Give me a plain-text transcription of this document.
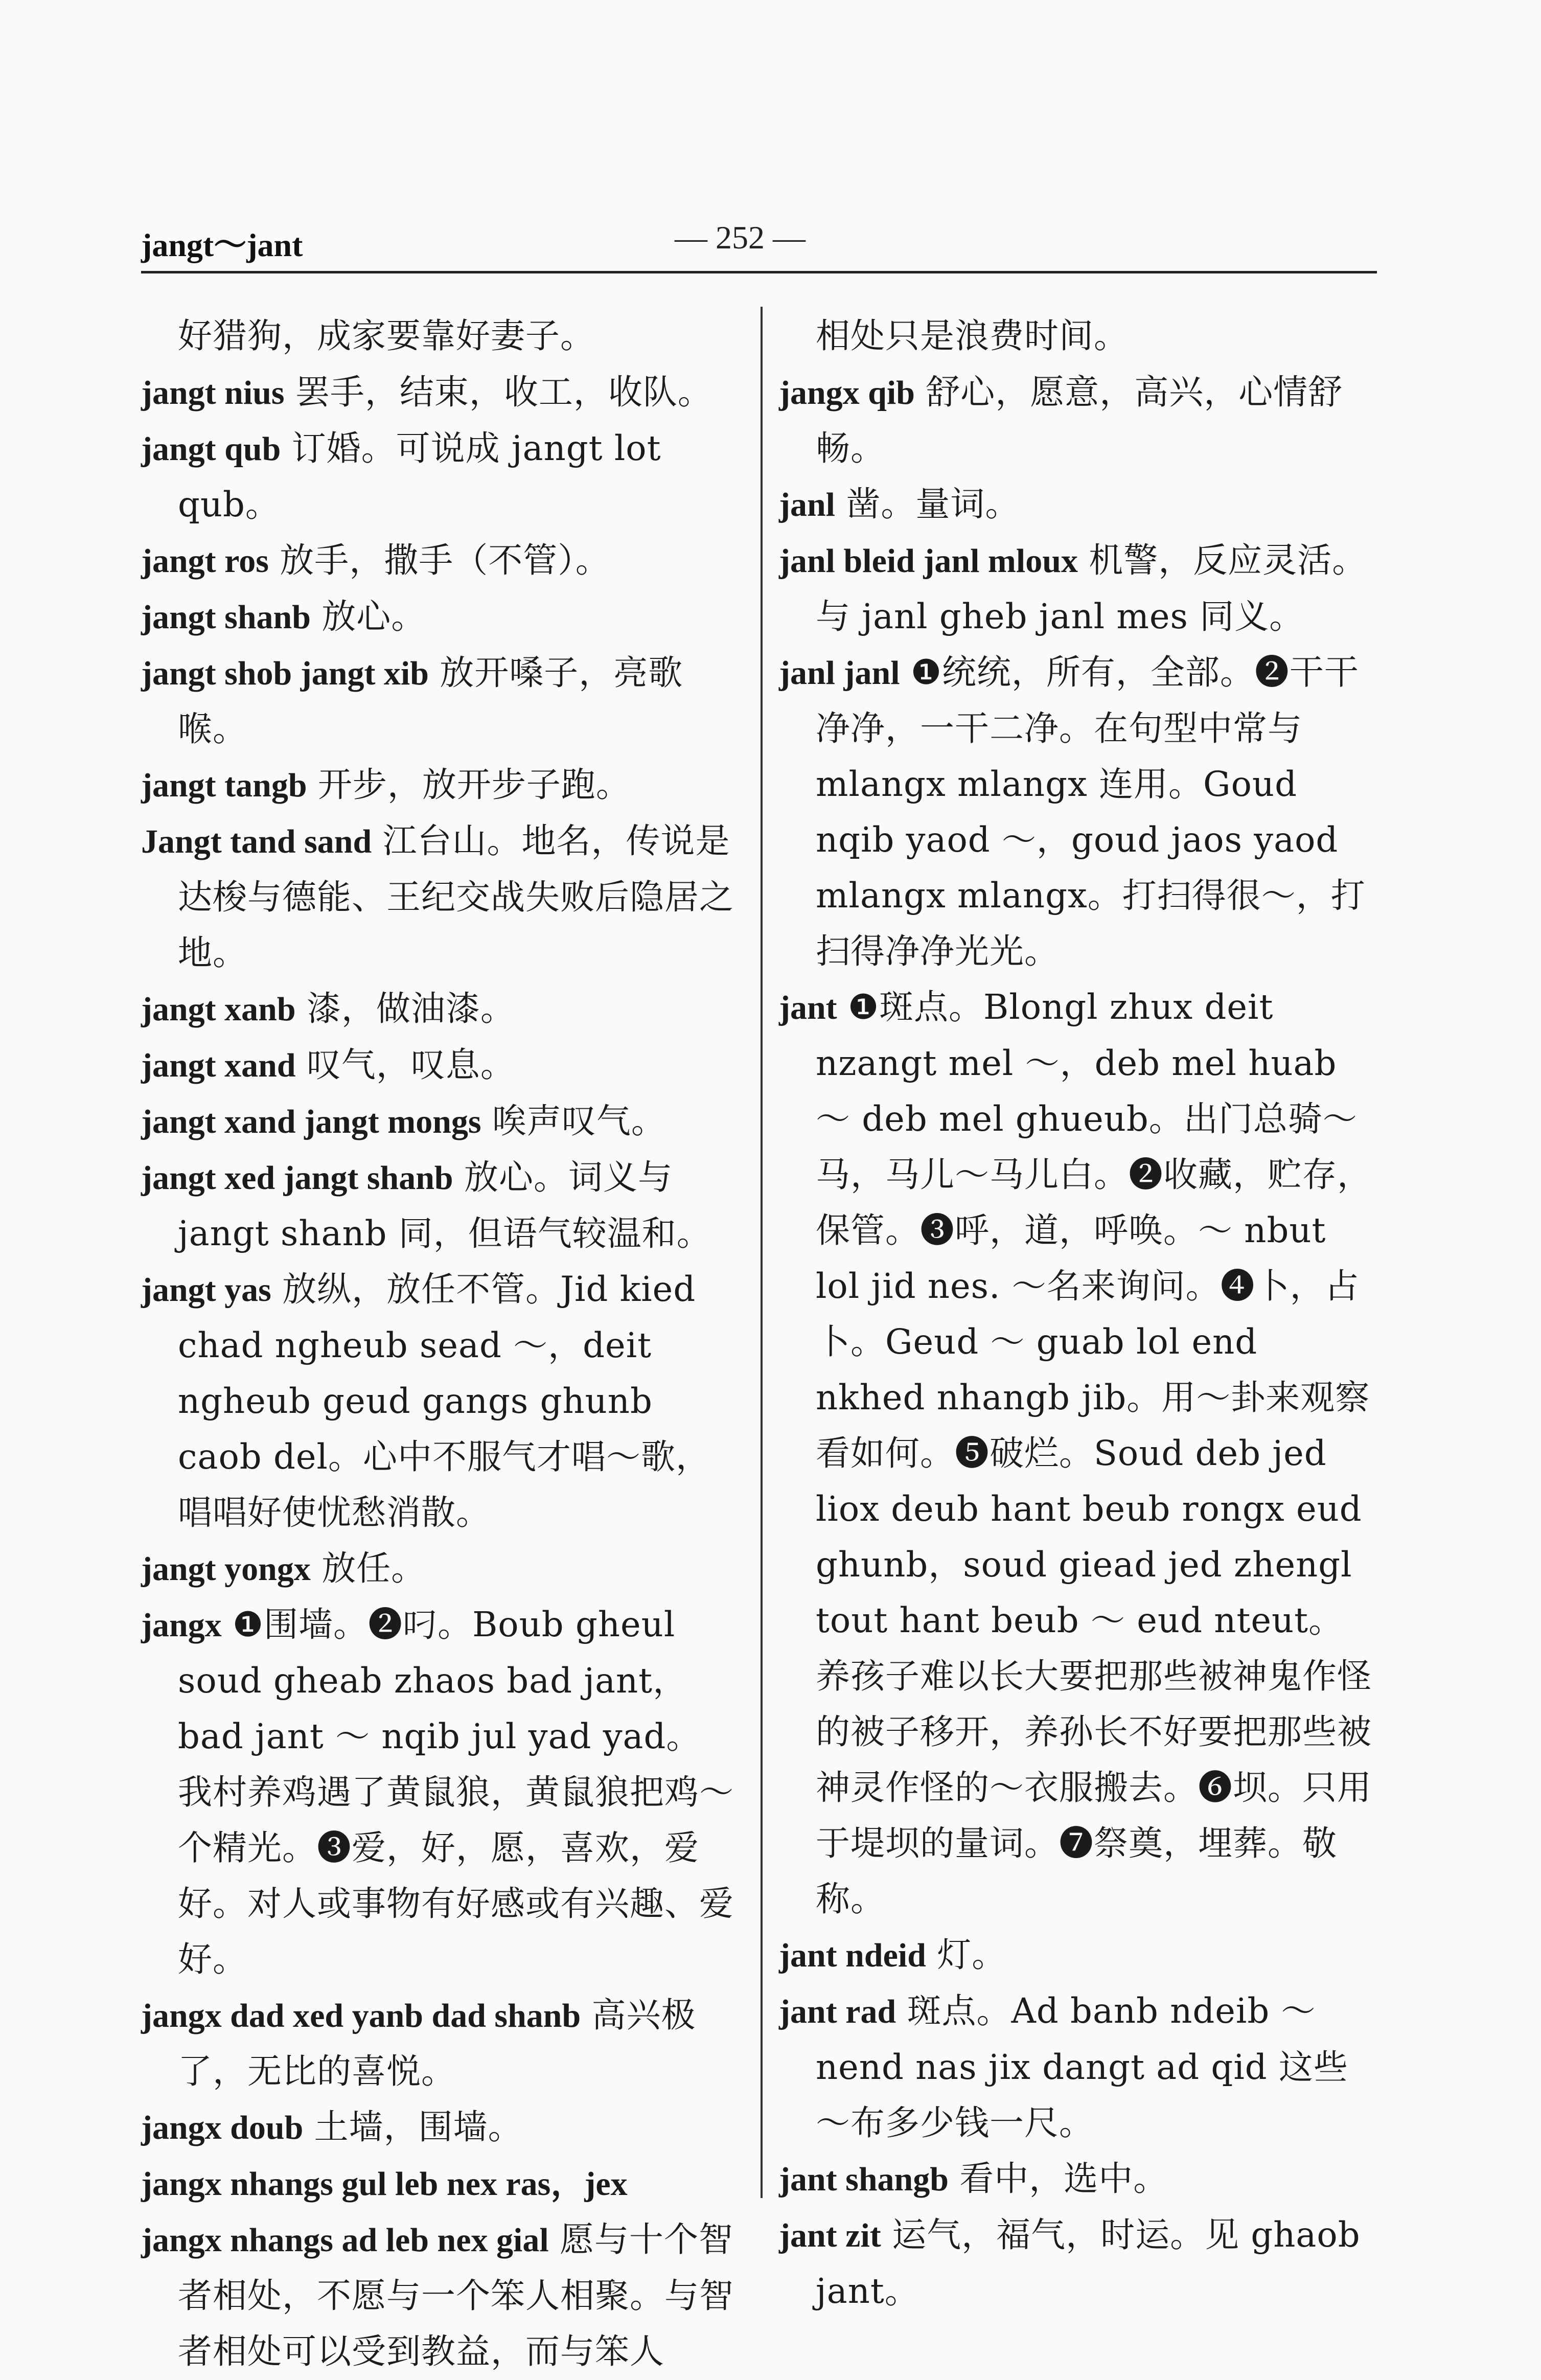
jangt～jant	— 252 —

好猎狗，成家要靠好妻子。

jangt nius 罢手，结束，收工，收队。

jangt qub 订婚。可说成 jangt lot qub。

jangt ros 放手，撒手（不管）。

jangt shanb 放心。

jangt shob jangt xib 放开嗓子，亮歌喉。

jangt tangb 开步，放开步子跑。

Jangt tand sand 江台山。地名，传说是达梭与德能、王纪交战失败后隐居之地。

jangt xanb 漆，做油漆。

jangt xand 叹气，叹息。

jangt xand jangt mongs 唉声叹气。

jangt xed jangt shanb 放心。词义与 jangt shanb 同，但语气较温和。

jangt yas 放纵，放任不管。Jid kied chad ngheub sead ～，deit ngheub geud gangs ghunb caob del。心中不服气才唱～歌，唱唱好使忧愁消散。

jangt yongx 放任。

jangx ❶围墙。❷叼。Boub gheul soud gheab zhaos bad jant，bad jant ～ nqib jul yad yad。我村养鸡遇了黄鼠狼，黄鼠狼把鸡～个精光。❸爱，好，愿，喜欢，爱好。对人或事物有好感或有兴趣、爱好。

jangx dad xed yanb dad shanb 高兴极了，无比的喜悦。

jangx doub 土墙，围墙。

jangx nhangs gul leb nex ras，jex

jangx nhangs ad leb nex gial 愿与十个智者相处，不愿与一个笨人相聚。与智者相处可以受到教益，而与笨人

相处只是浪费时间。

jangx qib 舒心，愿意，高兴，心情舒畅。

janl 凿。量词。

janl bleid janl mloux 机警，反应灵活。与 janl gheb janl mes 同义。

janl janl ❶统统，所有，全部。❷干干净净，一干二净。在句型中常与 mlangx mlangx 连用。Goud nqib yaod ～，goud jaos yaod mlangx mlangx。打扫得很～，打扫得净净光光。

jant ❶斑点。Blongl zhux deit nzangt mel ～，deb mel huab ～ deb mel ghueub。出门总骑～马，马儿～马儿白。❷收藏，贮存，保管。❸呼，道，呼唤。～ nbut lol jid nes. ～名来询问。❹卜，占卜。Geud ～ guab lol end nkhed nhangb jib。用～卦来观察看如何。❺破烂。Soud deb jed liox deub hant beub rongx eud ghunb，soud giead jed zhengl tout hant beub ～ eud nteut。养孩子难以长大要把那些被神鬼作怪的被子移开，养孙长不好要把那些被神灵作怪的～衣服搬去。❻坝。只用于堤坝的量词。❼祭奠，埋葬。敬称。

jant ndeid 灯。

jant rad 斑点。Ad banb ndeib ～ nend nas jix dangt ad qid 这些～布多少钱一尺。

jant shangb 看中，选中。

jant zit 运气，福气，时运。见 ghaob jant。
